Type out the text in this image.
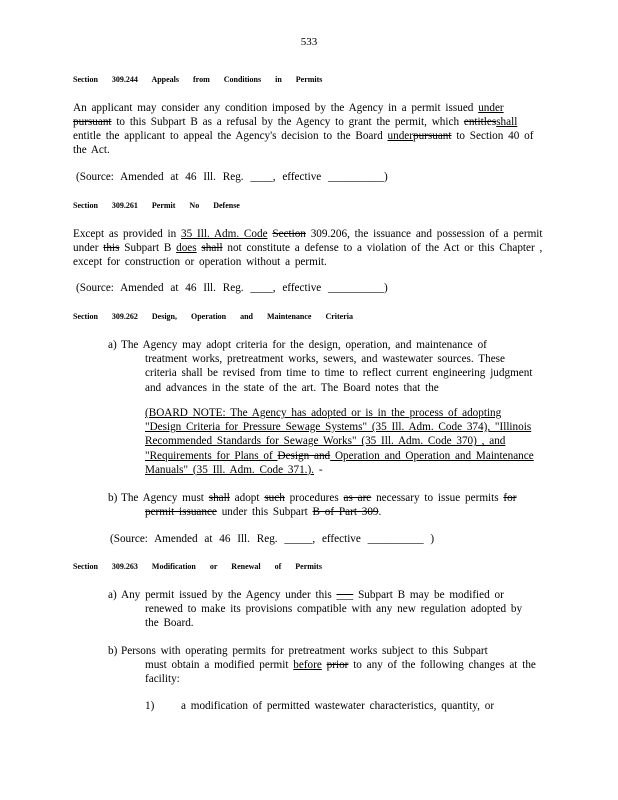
533
Section 309.244 Appeals from Conditions in Permits
An applicant may consider any condition imposed by the Agency in a permit issued under
pursuant to this Subpart B as a refusal by the Agency to grant the permit, which entitlesshall
entitle the applicant to appeal the Agency's decision to the Board underpursuant to Section 40 of
the Act.
(Source: Amended at 46 Ill. Reg. ____, effective __________)
Section 309.261 Permit No Defense
Except as provided in 35 Ill. Adm. Code Section 309.206, the issuance and possession of a permit
under this Subpart B does shall not constitute a defense to a violation of the Act or this Chapter ,
except for construction or operation without a permit.
(Source: Amended at 46 Ill. Reg. ____, effective __________)
Section 309.262 Design, Operation and Maintenance Criteria
a) The Agency may adopt criteria for the design, operation, and maintenance of
treatment works, pretreatment works, sewers, and wastewater sources. These
criteria shall be revised from time to time to reflect current engineering judgment
and advances in the state of the art. The Board notes that the
(BOARD NOTE: The Agency has adopted or is in the process of adopting
"Design Criteria for Pressure Sewage Systems" (35 Ill. Adm. Code 374), "Illinois
Recommended Standards for Sewage Works" (35 Ill. Adm. Code 370) , and
"Requirements for Plans of Design and Operation and Operation and Maintenance
Manuals" (35 Ill. Adm. Code 371.). -
b) The Agency must shall adopt such procedures as are necessary to issue permits for
permit issuance under this Subpart B of Part 309.
(Source: Amended at 46 Ill. Reg. _____, effective __________ )
Section 309.263 Modification or Renewal of Permits
a) Any permit issued by the Agency under this ___ Subpart B may be modified or
renewed to make its provisions compatible with any new regulation adopted by
the Board.
b) Persons with operating permits for pretreatment works subject to this Subpart
must obtain a modified permit before prior to any of the following changes at the
facility:
1) a modification of permitted wastewater characteristics, quantity, or
